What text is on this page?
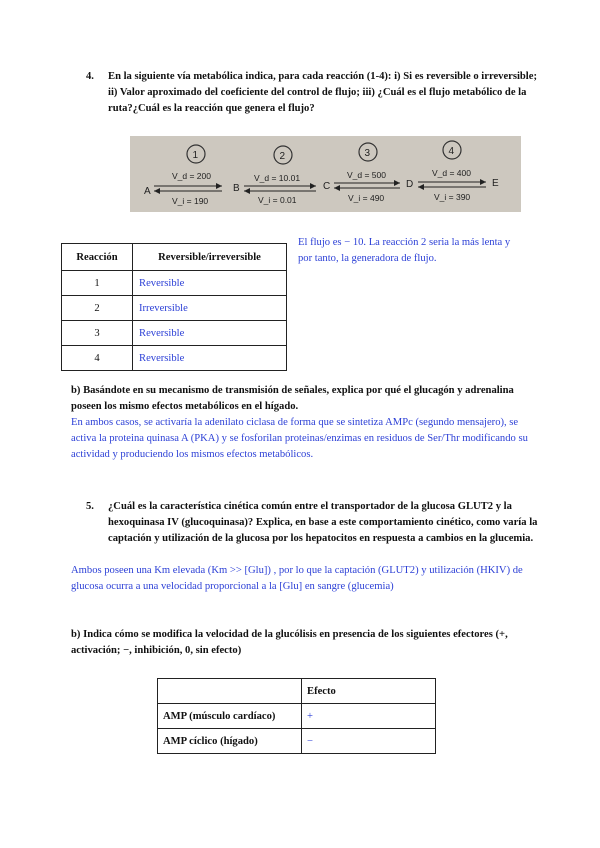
4. En la siguiente vía metabólica indica, para cada reacción (1-4): i) Si es reversible o irreversible; ii) Valor aproximado del coeficiente del control de flujo; iii) ¿Cuál es el flujo metabólico de la ruta?¿Cuál es la reacción que genera el flujo?
A	B	C	D	E
1
V_d = 200
V_i = 190
2
V_d = 10.01
V_i = 0.01
3
V_d = 500
V_i = 490
4
V_d = 400
V_i = 390
Reacción	Reversible/irreversible
1	Reversible
2	Irreversible
3	Reversible
4	Reversible
El flujo es − 10. La reacción 2 seria la más lenta y por tanto, la generadora de flujo.
b) Basándote en su mecanismo de transmisión de señales, explica por qué el glucagón y adrenalina poseen los mismo efectos metabólicos en el hígado.
En ambos casos, se activaría la adenilato ciclasa de forma que se sintetiza AMPc (segundo mensajero), se activa la proteina quinasa A (PKA) y se fosforilan proteinas/enzimas en residuos de Ser/Thr modificando su actividad y produciendo los mismos efectos metabólicos.
5. ¿Cuál es la característica cinética común entre el transportador de la glucosa GLUT2 y la hexoquinasa IV (glucoquinasa)? Explica, en base a este comportamiento cinético, como varía la captación y utilización de la glucosa por los hepatocitos en respuesta a cambios en la glucemia.
Ambos poseen una Km elevada (Km >> [Glu]) , por lo que la captación (GLUT2) y utilización (HKIV) de glucosa ocurra a una velocidad proporcional a la [Glu] en sangre (glucemia)
b) Indica cómo se modifica la velocidad de la glucólisis en presencia de los siguientes efectores (+, activación; −, inhibición, 0, sin efecto)
	Efecto
AMP (músculo cardíaco)	+
AMP cíclico (hígado)	−
